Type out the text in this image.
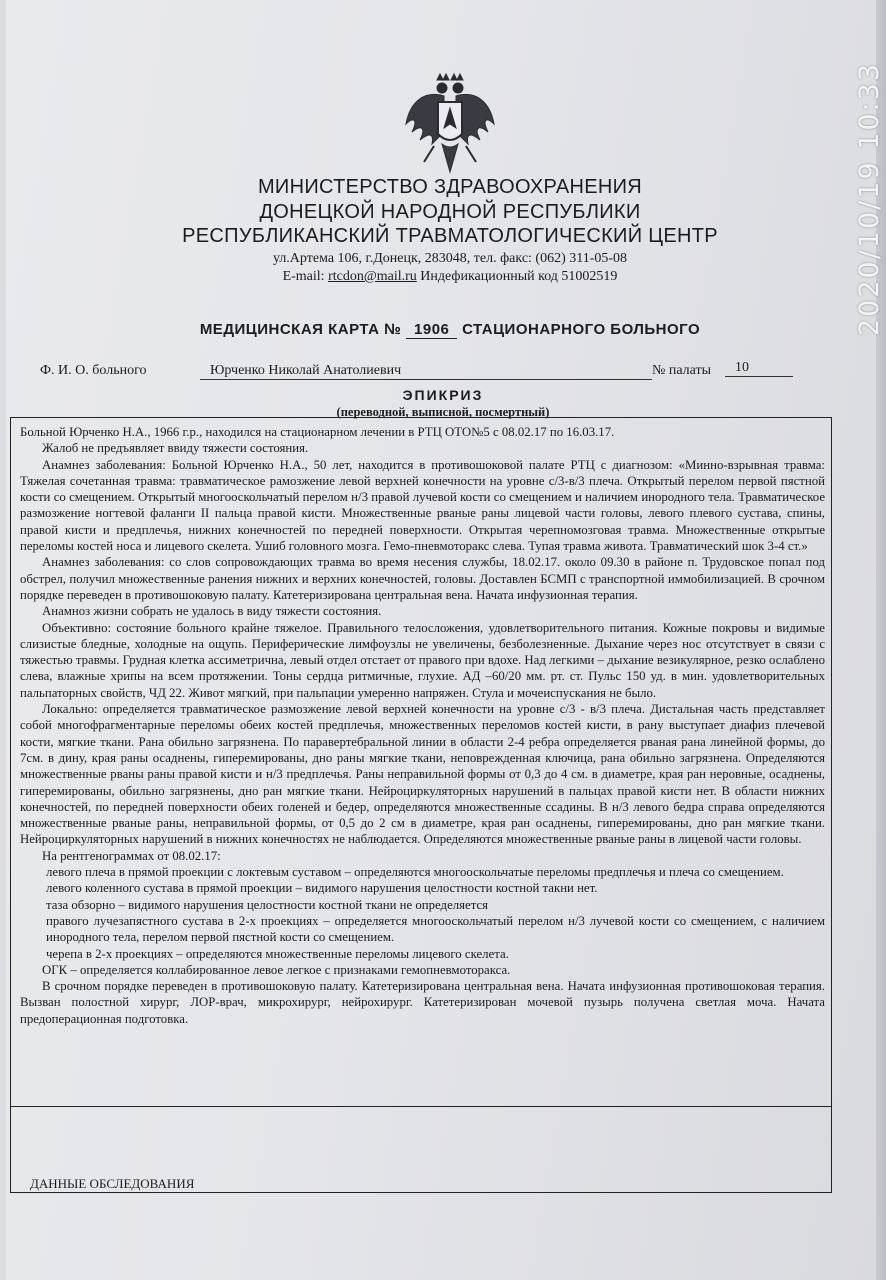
2020/10/19 10:33
МИНИСТЕРСТВО ЗДРАВООХРАНЕНИЯ
ДОНЕЦКОЙ НАРОДНОЙ РЕСПУБЛИКИ
РЕСПУБЛИКАНСКИЙ ТРАВМАТОЛОГИЧЕСКИЙ ЦЕНТР
ул.Артема 106, г.Донецк, 283048, тел. факс: (062) 311-05-08
E-mail: rtcdon@mail.ru Индефикационный код 51002519
МЕДИЦИНСКАЯ КАРТА № 1906 СТАЦИОНАРНОГО БОЛЬНОГО
Ф. И. О. больного	Юрченко Николай Анатолиевич	№ палаты	10
ЭПИКРИЗ
(переводной, выписной, посмертный)

Больной Юрченко Н.А., 1966 г.р., находился на стационарном лечении в РТЦ ОТО№5 с 08.02.17 по 16.03.17.

Жалоб не предъявляет ввиду тяжести состояния.

Анамнез заболевания: Больной Юрченко Н.А., 50 лет, находится в противошоковой палате РТЦ с диагнозом: «Минно-взрывная травма: Тяжелая сочетанная травма: травматическое рамозжение левой верхней конечности на уровне с/3-в/3 плеча. Открытый перелом первой пястной кости со смещением. Открытый многооскольчатый перелом н/3 правой лучевой кости со смещением и наличием инородного тела. Травматическое размозжение ногтевой фаланги II пальца правой кисти. Множественные рваные раны лицевой части головы, левого плевого сустава, спины, правой кисти и предплечья, нижних конечностей по передней поверхности. Открытая черепномозговая травма. Множественные открытые переломы костей носа и лицевого скелета. Ушиб головного мозга. Гемо-пневмоторакс слева. Тупая травма живота. Травматический шок 3-4 ст.»

Анамнез заболевания: со слов сопровождающих травма во время несения службы, 18.02.17. около 09.30 в районе п. Трудовское попал под обстрел, получил множественные ранения нижних и верхних конечностей, головы. Доставлен БСМП с транспортной иммобилизацией. В срочном порядке переведен в противошоковую палату. Катетеризирована центральная вена. Начата инфузионная терапия.

Анамноз жизни собрать не удалось в виду тяжести состояния.

Объективно: состояние больного крайне тяжелое. Правильного телосложения, удовлетворительного питания. Кожные покровы и видимые слизистые бледные, холодные на ощупь. Периферические лимфоузлы не увеличены, безболезненные. Дыхание через нос отсутствует в связи с тяжестью травмы. Грудная клетка ассиметрична, левый отдел отстает от правого при вдохе. Над легкими – дыхание везикулярное, резко ослаблено слева, влажные хрипы на всем протяжении. Тоны сердца ритмичные, глухие. АД –60/20 мм. рт. ст. Пульс 150 уд. в мин. удовлетворительных пальпаторных свойств, ЧД 22. Живот мягкий, при пальпации умеренно напряжен. Стула и мочеиспускания не было.

Локально: определяется травматическое размозжение левой верхней конечности на уровне с/3 - в/3 плеча. Дистальная часть представляет собой многофрагментарные переломы обеих костей предплечья, множественных переломов костей кисти, в рану выступает диафиз плечевой кости, мягкие ткани. Рана обильно загрязнена. По паравертебральной линии в области 2-4 ребра определяется рваная рана линейной формы, до 7см. в дину, края раны осаднены, гиперемированы, дно раны мягкие ткани, неповрежденная ключица, рана обильно загрязнена. Определяются множественные рваны раны правой кисти и н/3 предплечья. Раны неправильной формы от 0,3 до 4 см. в диаметре, края ран неровные, осаднены, гиперемированы, обильно загрязнены, дно ран мягкие ткани. Нейроциркуляторных нарушений в пальцах правой кисти нет. В области нижних конечностей, по передней поверхности обеих голеней и бедер, определяются множественные ссадины. В н/3 левого бедра справа определяются множественные рваные раны, неправильной формы, от 0,5 до 2 см в диаметре, края ран осаднены, гиперемированы, дно ран мягкие ткани. Нейроциркуляторных нарушений в нижних конечностях не наблюдается. Определяются множественные рваные раны в лицевой части головы.

На рентгенограммах от 08.02.17:

левого плеча в прямой проекции с локтевым суставом – определяются многооскольчатые переломы предплечья и плеча со смещением.

левого коленного сустава в прямой проекции – видимого нарушения целостности костной такни нет.

таза обзорно – видимого нарушения целостности костной ткани не определяется

правого лучезапястного сустава в 2-х проекциях – определяется многооскольчатый перелом н/3 лучевой кости со смещением, с наличием инородного тела, перелом первой пястной кости со смещением.

черепа в 2-х проекциях – определяются множественные переломы лицевого скелета.

ОГК – определяется коллабированное левое легкое с признаками гемопневмоторакса.

В срочном порядке переведен в противошоковую палату. Катетеризирована центральная вена. Начата инфузионная противошоковая терапия. Вызван полостной хирург, ЛОР-врач, микрохирург, нейрохирург. Катетеризирован мочевой пузырь получена светлая моча. Начата предоперационная подготовка.

ДАННЫЕ ОБСЛЕДОВАНИЯ
